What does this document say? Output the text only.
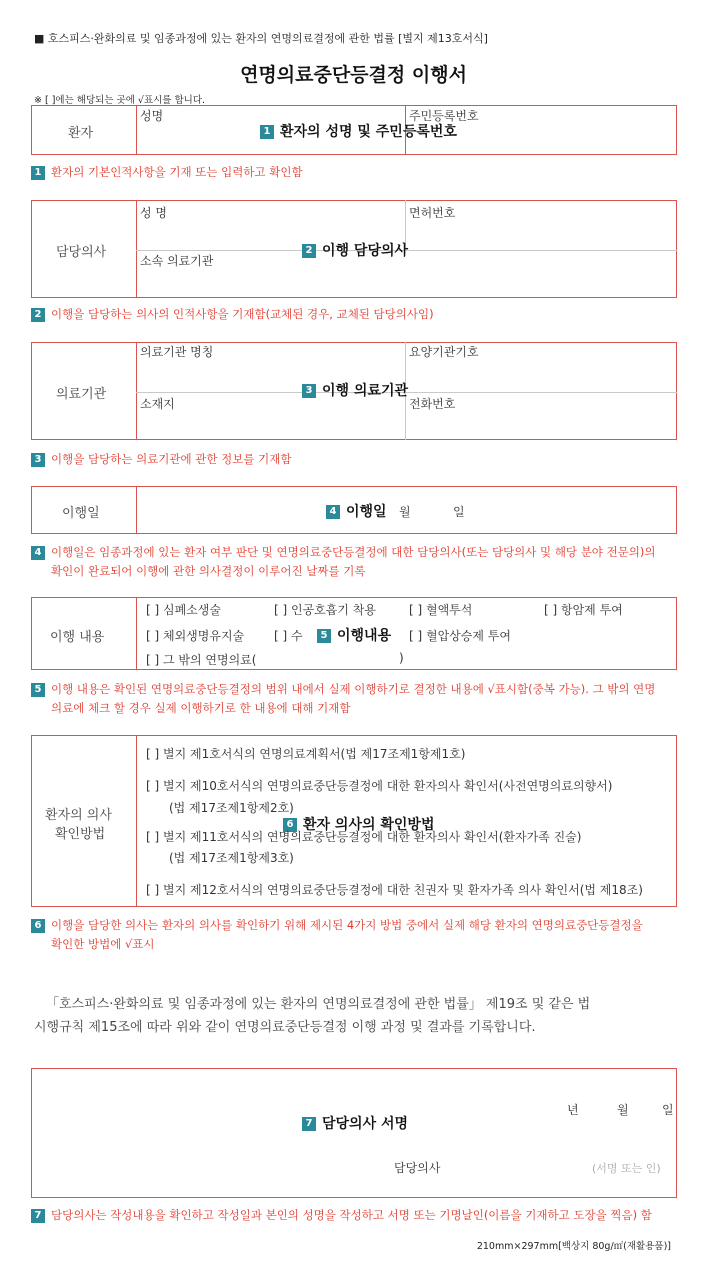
■ 호스피스·완화의료 및 임종과정에 있는 환자의 연명의료결정에 관한 법률 [별지 제13호서식]
연명의료중단등결정 이행서
※ [ ]에는 해당되는 곳에 √표시를 합니다.
환자
성명	주민등록번호
1 환자의 성명 및 주민등록번호
1 환자의 기본인적사항을 기재 또는 입력하고 확인함
담당의사
성 명	면허번호
소속 의료기관
2 이행 담당의사
2 이행을 담당하는 의사의 인적사항을 기재함(교체된 경우, 교체된 담당의사임)
의료기관
의료기관 명칭	요양기관기호
소재지	전화번호
3 이행 의료기관
3 이행을 담당하는 의료기관에 관한 정보를 기재함
이행일	4 이행일 월	일
4 이행일은 임종과정에 있는 환자 여부 판단 및 연명의료중단등결정에 대한 담당의사(또는 담당의사 및 해당 분야 전문의)의
확인이 완료되어 이행에 관한 의사결정이 이루어진 날짜를 기록
이행 내용
[ ] 심폐소생술	[ ] 인공호흡기 착용	[ ] 혈액투석	[ ] 항암제 투여
[ ] 체외생명유지술 [ ] 수	5 이행내용 [ ] 혈압상승제 투여
[ ] 그 밖의 연명의료(	)
5 이행 내용은 확인된 연명의료중단등결정의 범위 내에서 실제 이행하기로 결정한 내용에 √표시함(중복 가능). 그 밖의 연명
의료에 체크 할 경우 실제 이행하기로 한 내용에 대해 기재함
환자의 의사
확인방법
[ ] 별지 제1호서식의 연명의료계획서(법 제17조제1항제1호)
[ ] 별지 제10호서식의 연명의료중단등결정에 대한 환자의사 확인서(사전연명의료의향서)
(법 제17조제1항제2호)
6 환자 의사의 확인방법
[ ] 별지 제11호서식의 연명의료중단등결정에 대한 환자의사 확인서(환자가족 진술)
(법 제17조제1항제3호)
[ ] 별지 제12호서식의 연명의료중단등결정에 대한 친권자 및 환자가족 의사 확인서(법 제18조)
6 이행을 담당한 의사는 환자의 의사를 확인하기 위해 제시된 4가지 방법 중에서 실제 해당 환자의 연명의료중단등결정을
확인한 방법에 √표시
「호스피스·완화의료 및 임종과정에 있는 환자의 연명의료결정에 관한 법률」 제19조 및 같은 법
시행규칙 제15조에 따라 위와 같이 연명의료중단등결정 이행 과정 및 결과를 기록합니다.
년	월	일
7 담당의사 서명
담당의사	(서명 또는 인)
7 담당의사는 작성내용을 확인하고 작성일과 본인의 성명을 작성하고 서명 또는 기명날인(이름을 기재하고 도장을 찍음) 함
210mm×297mm[백상지 80g/㎡(재활용품)]
